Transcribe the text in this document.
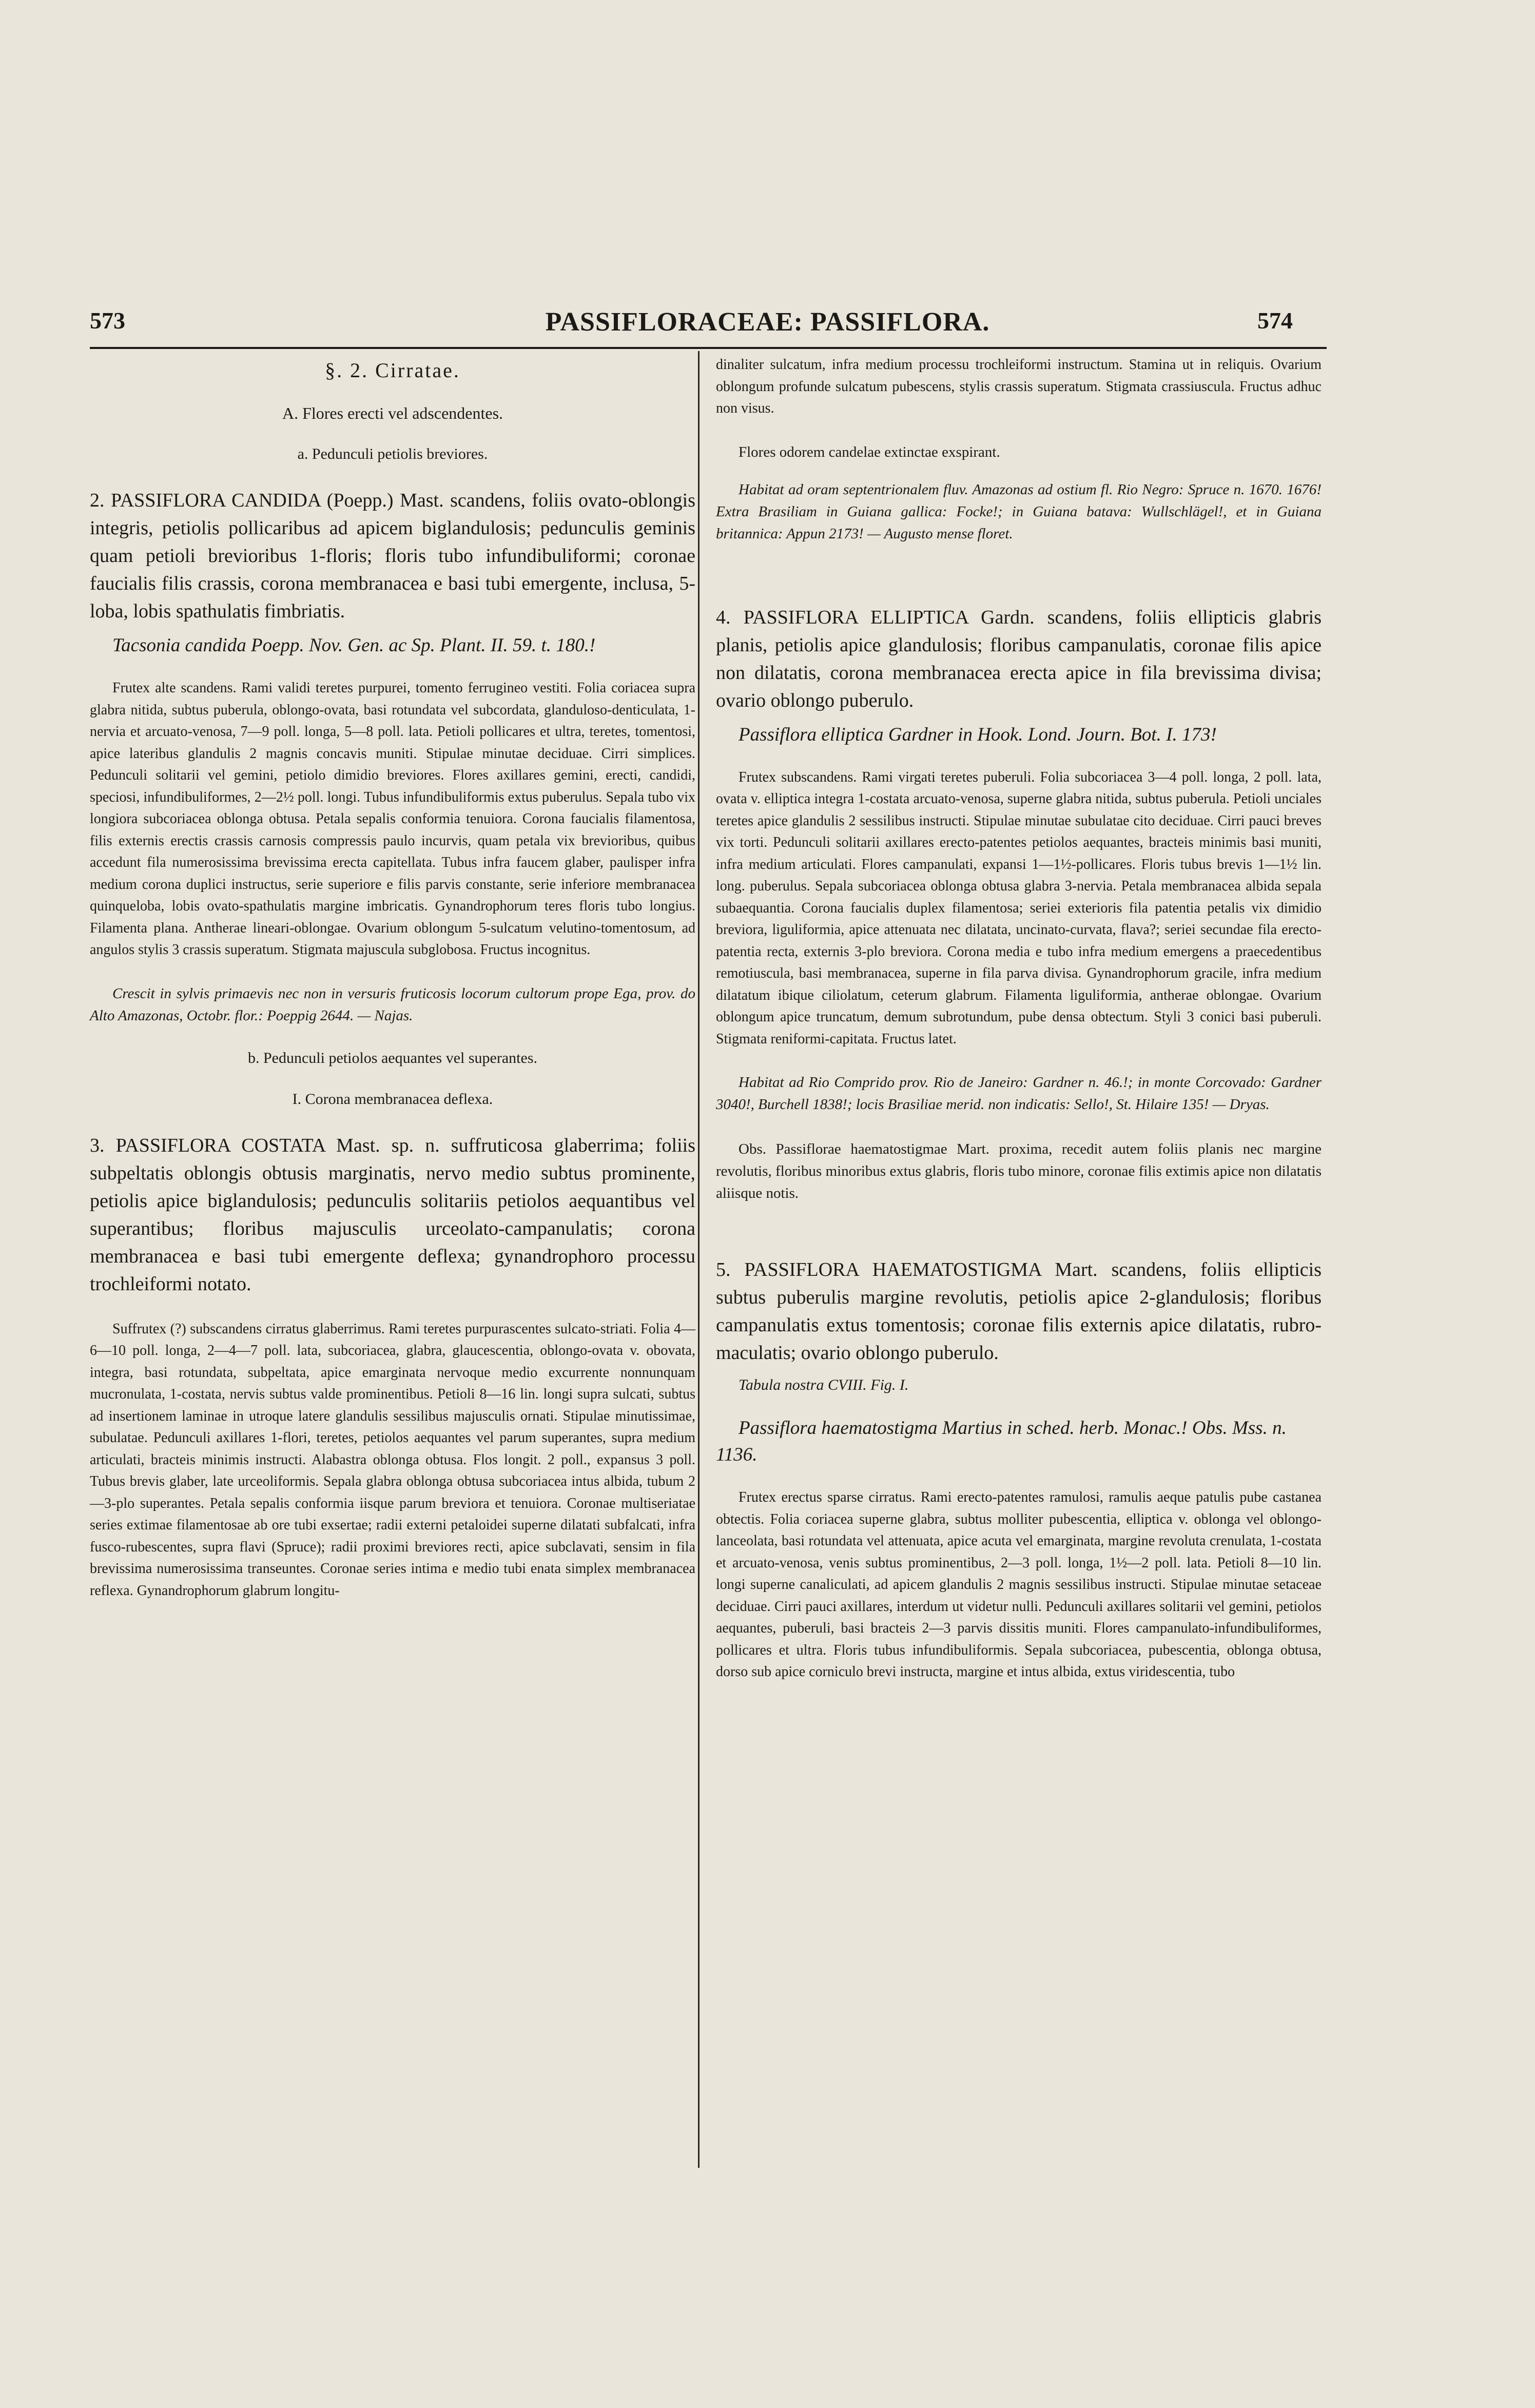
573	PASSIFLORACEAE: PASSIFLORA.	574
§. 2. Cirratae.
A. Flores erecti vel adscendentes.
a. Pedunculi petiolis breviores.

2. PASSIFLORA CANDIDA (Poepp.) Mast. scandens, foliis ovato-oblongis integris, petiolis pollicaribus ad apicem biglandulosis; pedunculis geminis quam petioli brevioribus 1-floris; floris tubo infundibuliformi; coronae faucialis filis crassis, corona membranacea e basi tubi emergente, inclusa, 5-loba, lobis spathulatis fimbriatis.

Tacsonia candida Poepp. Nov. Gen. ac Sp. Plant. II. 59. t. 180.!

Frutex alte scandens. Rami validi teretes purpurei, tomento ferrugineo vestiti. Folia coriacea supra glabra nitida, subtus puberula, oblongo-ovata, basi rotundata vel subcordata, glanduloso-denticulata, 1-nervia et arcuato-venosa, 7—9 poll. longa, 5—8 poll. lata. Petioli pollicares et ultra, teretes, tomentosi, apice lateribus glandulis 2 magnis concavis muniti. Stipulae minutae deciduae. Cirri simplices. Pedunculi solitarii vel gemini, petiolo dimidio breviores. Flores axillares gemini, erecti, candidi, speciosi, infundibuliformes, 2—2½ poll. longi. Tubus infundibuliformis extus puberulus. Sepala tubo vix longiora subcoriacea oblonga obtusa. Petala sepalis conformia tenuiora. Corona faucialis filamentosa, filis externis erectis crassis carnosis compressis paulo incurvis, quam petala vix brevioribus, quibus accedunt fila numerosissima brevissima erecta capitellata. Tubus infra faucem glaber, paulisper infra medium corona duplici instructus, serie superiore e filis parvis constante, serie inferiore membranacea quinqueloba, lobis ovato-spathulatis margine imbricatis. Gynandrophorum teres floris tubo longius. Filamenta plana. Antherae lineari-oblongae. Ovarium oblongum 5-sulcatum velutino-tomentosum, ad angulos stylis 3 crassis superatum. Stigmata majuscula subglobosa. Fructus incognitus.

Crescit in sylvis primaevis nec non in versuris fruticosis locorum cultorum prope Ega, prov. do Alto Amazonas, Octobr. flor.: Poeppig 2644. — Najas.

b. Pedunculi petiolos aequantes vel superantes.
I. Corona membranacea deflexa.

3. PASSIFLORA COSTATA Mast. sp. n. suffruticosa glaberrima; foliis subpeltatis oblongis obtusis marginatis, nervo medio subtus prominente, petiolis apice biglandulosis; pedunculis solitariis petiolos aequantibus vel superantibus; floribus majusculis urceolato-campanulatis; corona membranacea e basi tubi emergente deflexa; gynandrophoro processu trochleiformi notato.

Suffrutex (?) subscandens cirratus glaberrimus. Rami teretes purpurascentes sulcato-striati. Folia 4—6—10 poll. longa, 2—4—7 poll. lata, subcoriacea, glabra, glaucescentia, oblongo-ovata v. obovata, integra, basi rotundata, subpeltata, apice emarginata nervoque medio excurrente nonnunquam mucronulata, 1-costata, nervis subtus valde prominentibus. Petioli 8—16 lin. longi supra sulcati, subtus ad insertionem laminae in utroque latere glandulis sessilibus majusculis ornati. Stipulae minutissimae, subulatae. Pedunculi axillares 1-flori, teretes, petiolos aequantes vel parum superantes, supra medium articulati, bracteis minimis instructi. Alabastra oblonga obtusa. Flos longit. 2 poll., expansus 3 poll. Tubus brevis glaber, late urceoliformis. Sepala glabra oblonga obtusa subcoriacea intus albida, tubum 2—3-plo superantes. Petala sepalis conformia iisque parum breviora et tenuiora. Coronae multiseriatae series extimae filamentosae ab ore tubi exsertae; radii externi petaloidei superne dilatati subfalcati, infra fusco-rubescentes, supra flavi (Spruce); radii proximi breviores recti, apice subclavati, sensim in fila brevissima numerosissima transeuntes. Coronae series intima e medio tubi enata simplex membranacea reflexa. Gynandrophorum glabrum longitu-

dinaliter sulcatum, infra medium processu trochleiformi instructum. Stamina ut in reliquis. Ovarium oblongum profunde sulcatum pubescens, stylis crassis superatum. Stigmata crassiuscula. Fructus adhuc non visus.

Flores odorem candelae extinctae exspirant.

Habitat ad oram septentrionalem fluv. Amazonas ad ostium fl. Rio Negro: Spruce n. 1670. 1676! Extra Brasiliam in Guiana gallica: Focke!; in Guiana batava: Wullschlägel!, et in Guiana britannica: Appun 2173! — Augusto mense floret.

4. PASSIFLORA ELLIPTICA Gardn. scandens, foliis ellipticis glabris planis, petiolis apice glandulosis; floribus campanulatis, coronae filis apice non dilatatis, corona membranacea erecta apice in fila brevissima divisa; ovario oblongo puberulo.

Passiflora elliptica Gardner in Hook. Lond. Journ. Bot. I. 173!

Frutex subscandens. Rami virgati teretes puberuli. Folia subcoriacea 3—4 poll. longa, 2 poll. lata, ovata v. elliptica integra 1-costata arcuato-venosa, superne glabra nitida, subtus puberula. Petioli unciales teretes apice glandulis 2 sessilibus instructi. Stipulae minutae subulatae cito deciduae. Cirri pauci breves vix torti. Pedunculi solitarii axillares erecto-patentes petiolos aequantes, bracteis minimis basi muniti, infra medium articulati. Flores campanulati, expansi 1—1½-pollicares. Floris tubus brevis 1—1½ lin. long. puberulus. Sepala subcoriacea oblonga obtusa glabra 3-nervia. Petala membranacea albida sepala subaequantia. Corona faucialis duplex filamentosa; seriei exterioris fila patentia petalis vix dimidio breviora, liguliformia, apice attenuata nec dilatata, uncinato-curvata, flava?; seriei secundae fila erecto-patentia recta, externis 3-plo breviora. Corona media e tubo infra medium emergens a praecedentibus remotiuscula, basi membranacea, superne in fila parva divisa. Gynandrophorum gracile, infra medium dilatatum ibique ciliolatum, ceterum glabrum. Filamenta liguliformia, antherae oblongae. Ovarium oblongum apice truncatum, demum subrotundum, pube densa obtectum. Styli 3 conici basi puberuli. Stigmata reniformi-capitata. Fructus latet.

Habitat ad Rio Comprido prov. Rio de Janeiro: Gardner n. 46.!; in monte Corcovado: Gardner 3040!, Burchell 1838!; locis Brasiliae merid. non indicatis: Sello!, St. Hilaire 135! — Dryas.

Obs. Passiflorae haematostigmae Mart. proxima, recedit autem foliis planis nec margine revolutis, floribus minoribus extus glabris, floris tubo minore, coronae filis extimis apice non dilatatis aliisque notis.

5. PASSIFLORA HAEMATOSTIGMA Mart. scandens, foliis ellipticis subtus puberulis margine revolutis, petiolis apice 2-glandulosis; floribus campanulatis extus tomentosis; coronae filis externis apice dilatatis, rubro-maculatis; ovario oblongo puberulo.

Tabula nostra CVIII. Fig. I.

Passiflora haematostigma Martius in sched. herb. Monac.! Obs. Mss. n. 1136.

Frutex erectus sparse cirratus. Rami erecto-patentes ramulosi, ramulis aeque patulis pube castanea obtectis. Folia coriacea superne glabra, subtus molliter pubescentia, elliptica v. oblonga vel oblongo-lanceolata, basi rotundata vel attenuata, apice acuta vel emarginata, margine revoluta crenulata, 1-costata et arcuato-venosa, venis subtus prominentibus, 2—3 poll. longa, 1½—2 poll. lata. Petioli 8—10 lin. longi superne canaliculati, ad apicem glandulis 2 magnis sessilibus instructi. Stipulae minutae setaceae deciduae. Cirri pauci axillares, interdum ut videtur nulli. Pedunculi axillares solitarii vel gemini, petiolos aequantes, puberuli, basi bracteis 2—3 parvis dissitis muniti. Flores campanulato-infundibuliformes, pollicares et ultra. Floris tubus infundibuliformis. Sepala subcoriacea, pubescentia, oblonga obtusa, dorso sub apice corniculo brevi instructa, margine et intus albida, extus viridescentia, tubo
